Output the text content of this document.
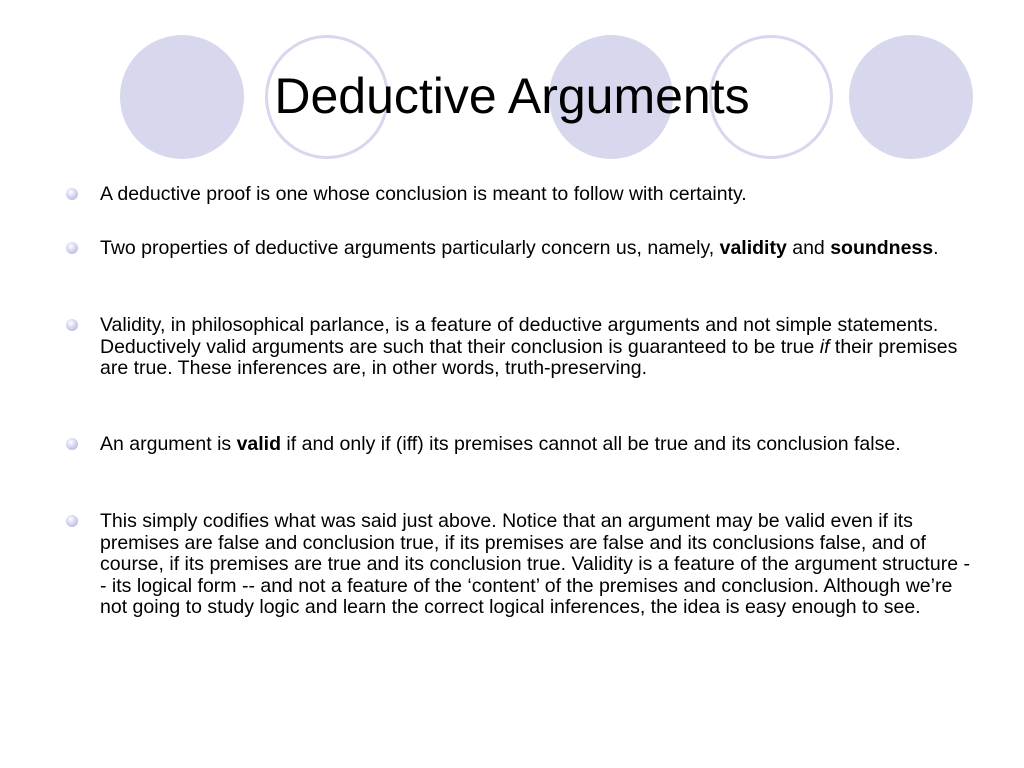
Deductive Arguments
A deductive proof is one whose conclusion is meant to follow with certainty.
Two properties of deductive arguments particularly concern us, namely, validity and soundness.
Validity, in philosophical parlance, is a feature of deductive arguments and not simple statements. Deductively valid arguments are such that their conclusion is guaranteed to be true if their premises are true. These inferences are, in other words, truth-preserving.
An argument is valid if and only if (iff) its premises cannot all be true and its conclusion false.
This simply codifies what was said just above. Notice that an argument may be valid even if its premises are false and conclusion true, if its premises are false and its conclusions false, and of course, if its premises are true and its conclusion true. Validity is a feature of the argument structure -- its logical form -- and not a feature of the ‘content’ of the premises and conclusion. Although we’re not going to study logic and learn the correct logical inferences, the idea is easy enough to see.
